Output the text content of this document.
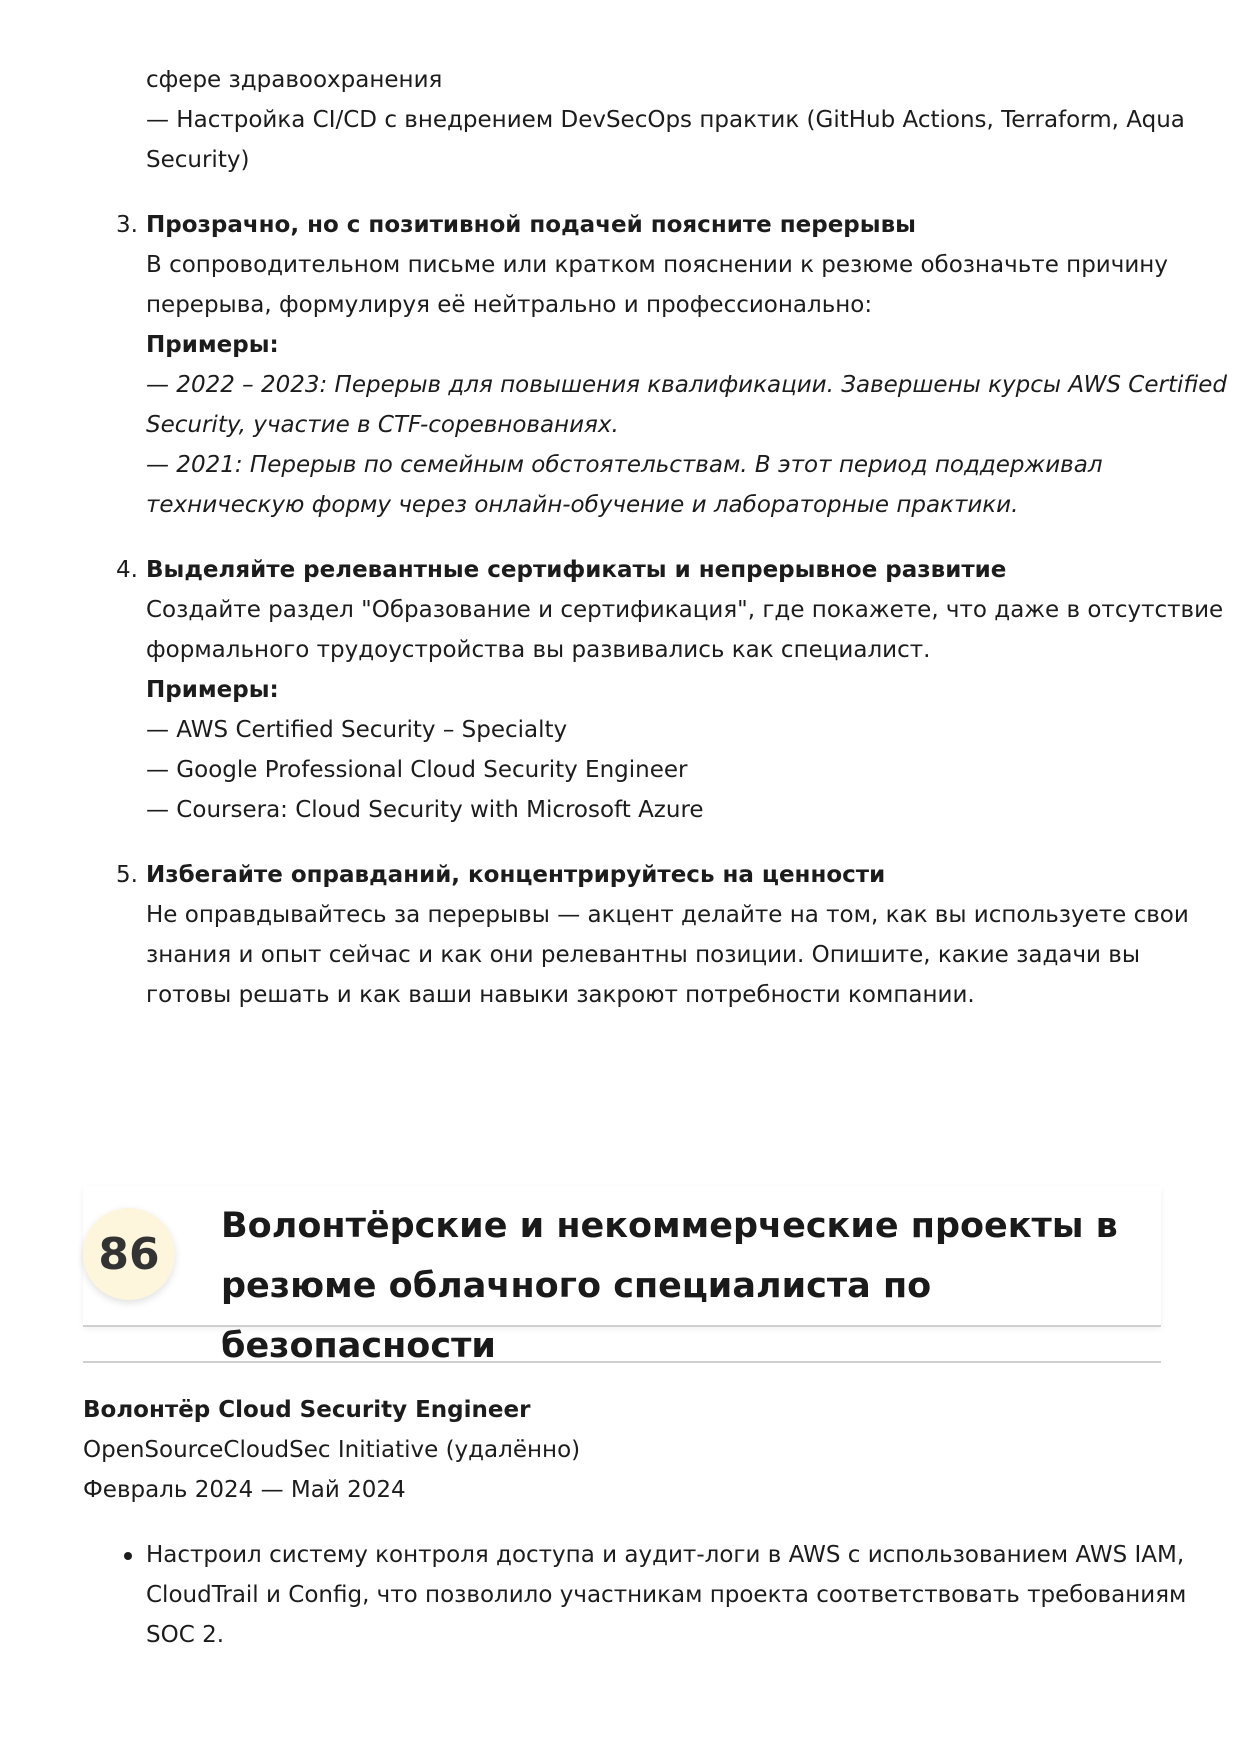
сфере здравоохранения
— Настройка CI/CD с внедрением DevSecOps практик (GitHub Actions, Terraform, Aqua
Security)
3. Прозрачно, но с позитивной подачей поясните перерывы
В сопроводительном письме или кратком пояснении к резюме обозначьте причину
перерыва, формулируя её нейтрально и профессионально:
Примеры:
— 2022 – 2023: Перерыв для повышения квалификации. Завершены курсы AWS Certified
Security, участие в CTF-соревнованиях.
— 2021: Перерыв по семейным обстоятельствам. В этот период поддерживал
техническую форму через онлайн-обучение и лабораторные практики.
4. Выделяйте релевантные сертификаты и непрерывное развитие
Создайте раздел "Образование и сертификация", где покажете, что даже в отсутствие
формального трудоустройства вы развивались как специалист.
Примеры:
— AWS Certified Security – Specialty
— Google Professional Cloud Security Engineer
— Coursera: Cloud Security with Microsoft Azure
5. Избегайте оправданий, концентрируйтесь на ценности
Не оправдывайтесь за перерывы — акцент делайте на том, как вы используете свои
знания и опыт сейчас и как они релевантны позиции. Опишите, какие задачи вы
готовы решать и как ваши навыки закроют потребности компании.
86
Волонтёрские и некоммерческие проекты в
резюме облачного специалиста по безопасности
Волонтёр Cloud Security Engineer
OpenSourceCloudSec Initiative (удалённо)
Февраль 2024 — Май 2024
Настроил систему контроля доступа и аудит-логи в AWS с использованием AWS IAM,
CloudTrail и Config, что позволило участникам проекта соответствовать требованиям
SOC 2.
